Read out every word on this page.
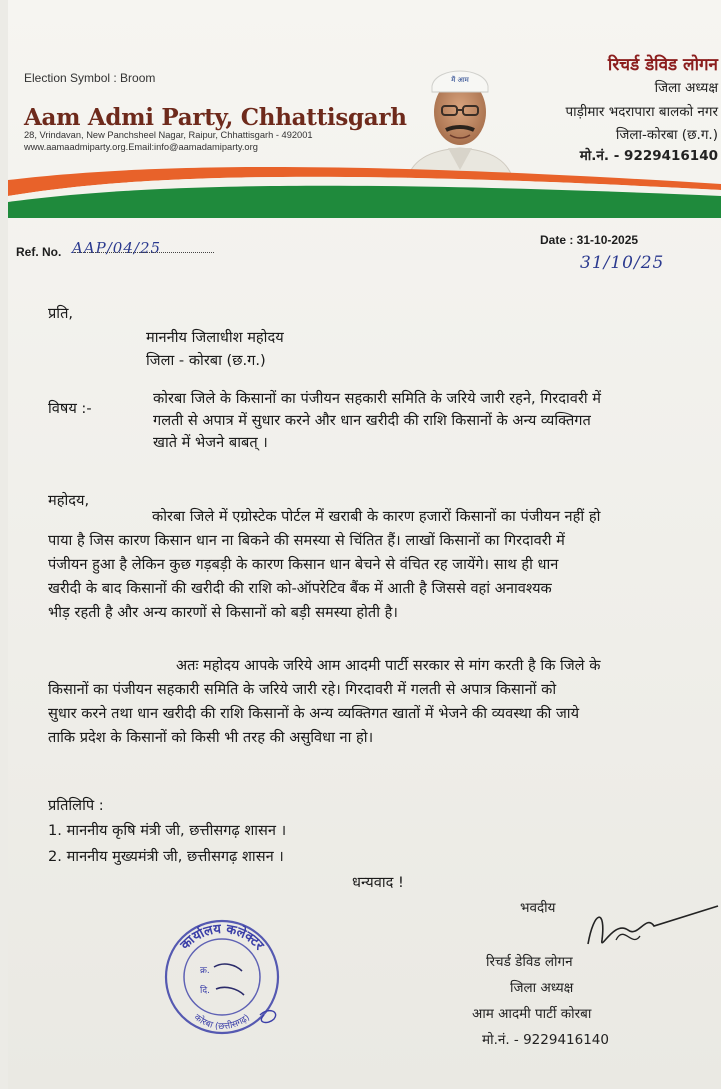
Election Symbol : Broom
Aam Admi Party, Chhattisgarh
28, Vrindavan, New Panchsheel Nagar, Raipur, Chhattisgarh - 492001
www.aamaadmiparty.org.Email:info@aamadamiparty.org
मैं आम
रिचर्ड डेविड लोगन
जिला अध्यक्ष
पाड़ीमार भदरापारा बालको नगर
जिला-कोरबा (छ.ग.)
मो.नं. - 9229416140
Ref. No. AAP/04/25	Date : 31-10-2025
31/10/25
प्रति,
माननीय जिलाधीश महोदय
जिला - कोरबा (छ.ग.)
विषय :-
कोरबा जिले के किसानों का पंजीयन सहकारी समिति के जरिये जारी रहने, गिरदावरी में
गलती से अपात्र में सुधार करने और धान खरीदी की राशि किसानों के अन्य व्यक्तिगत
खाते में भेजने बाबत् ।
महोदय,
कोरबा जिले में एग्रोस्टेक पोर्टल में खराबी के कारण हजारों किसानों का पंजीयन नहीं हो
पाया है जिस कारण किसान धान ना बिकने की समस्या से चिंतित हैं। लाखों किसानों का गिरदावरी में
पंजीयन हुआ है लेकिन कुछ गड़बड़ी के कारण किसान धान बेचने से वंचित रह जायेंगे। साथ ही धान
खरीदी के बाद किसानों की खरीदी की राशि को-ऑपरेटिव बैंक में आती है जिससे वहां अनावश्यक
भीड़ रहती है और अन्य कारणों से किसानों को बड़ी समस्या होती है।
अतः महोदय आपके जरिये आम आदमी पार्टी सरकार से मांग करती है कि जिले के
किसानों का पंजीयन सहकारी समिति के जरिये जारी रहे। गिरदावरी में गलती से अपात्र किसानों को
सुधार करने तथा धान खरीदी की राशि किसानों के अन्य व्यक्तिगत खातों में भेजने की व्यवस्था की जाये
ताकि प्रदेश के किसानों को किसी भी तरह की असुविधा ना हो।
प्रतिलिपि :
1. माननीय कृषि मंत्री जी, छत्तीसगढ़ शासन ।
2. माननीय मुख्यमंत्री जी, छत्तीसगढ़ शासन ।
धन्यवाद !
कार्यालय कलेक्टर
कोरबा (छत्तीसगढ़)
क्र.
दि.
भवदीय
रिचर्ड डेविड लोगन
जिला अध्यक्ष
आम आदमी पार्टी कोरबा
मो.नं. - 9229416140
